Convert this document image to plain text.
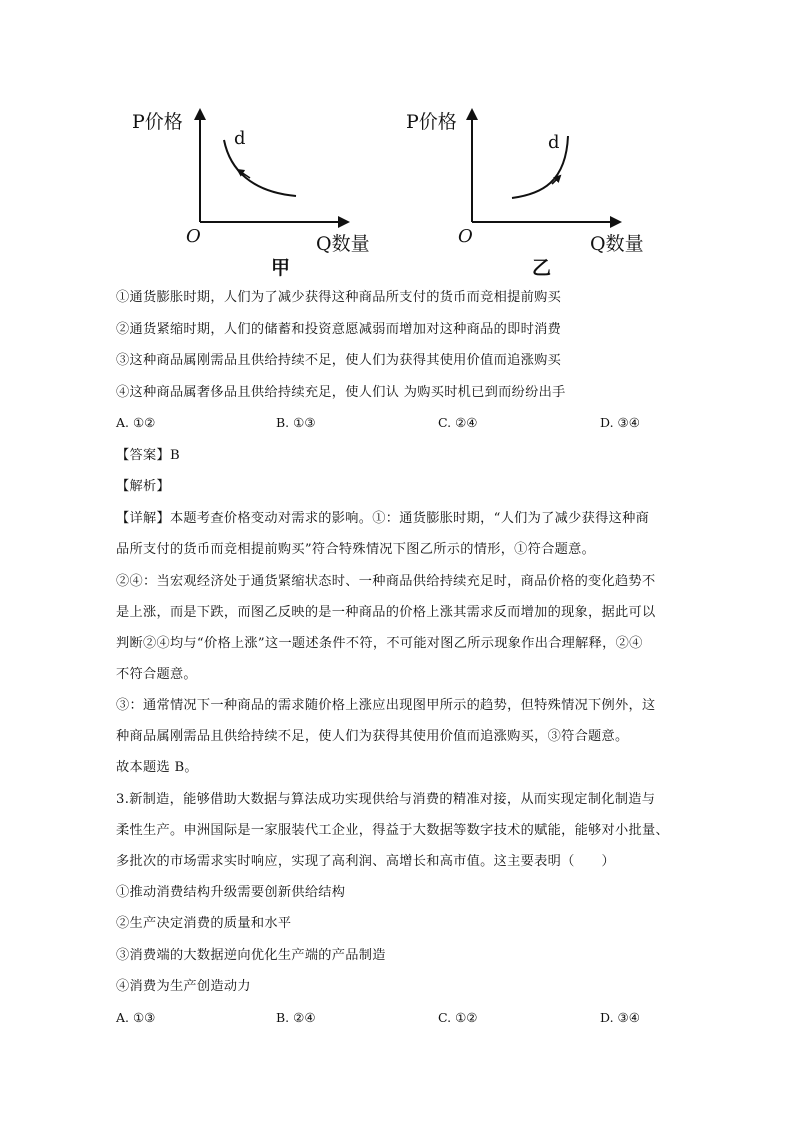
P价格
Q数量
O
d
甲
P价格
Q数量
O
d
乙
①通货膨胀时期，人们为了减少获得这种商品所支付的货币而竞相提前购买
②通货紧缩时期，人们的储蓄和投资意愿减弱而增加对这种商品的即时消费
③这种商品属刚需品且供给持续不足，使人们为获得其使用价值而追涨购买
④这种商品属奢侈品且供给持续充足，使人们认 为购买时机已到而纷纷出手
A. ①②	B. ①③	C. ②④	D. ③④
【答案】B
【解析】
【详解】本题考查价格变动对需求的影响。①：通货膨胀时期，“人们为了减少获得这种商
品所支付的货币而竞相提前购买”符合特殊情况下图乙所示的情形，①符合题意。
②④：当宏观经济处于通货紧缩状态时、一种商品供给持续充足时，商品价格的变化趋势不
是上涨，而是下跌，而图乙反映的是一种商品的价格上涨其需求反而增加的现象，据此可以
判断②④均与“价格上涨”这一题述条件不符，不可能对图乙所示现象作出合理解释，②④
不符合题意。
③：通常情况下一种商品的需求随价格上涨应出现图甲所示的趋势，但特殊情况下例外，这
种商品属刚需品且供给持续不足，使人们为获得其使用价值而追涨购买，③符合题意。
故本题选 B。
3.新制造，能够借助大数据与算法成功实现供给与消费的精准对接，从而实现定制化制造与
柔性生产。申洲国际是一家服装代工企业，得益于大数据等数字技术的赋能，能够对小批量、
多批次的市场需求实时响应，实现了高利润、高增长和高市值。这主要表明（　　）
①推动消费结构升级需要创新供给结构
②生产决定消费的质量和水平
③消费端的大数据逆向优化生产端的产品制造
④消费为生产创造动力
A. ①③	B. ②④	C. ①②	D. ③④
